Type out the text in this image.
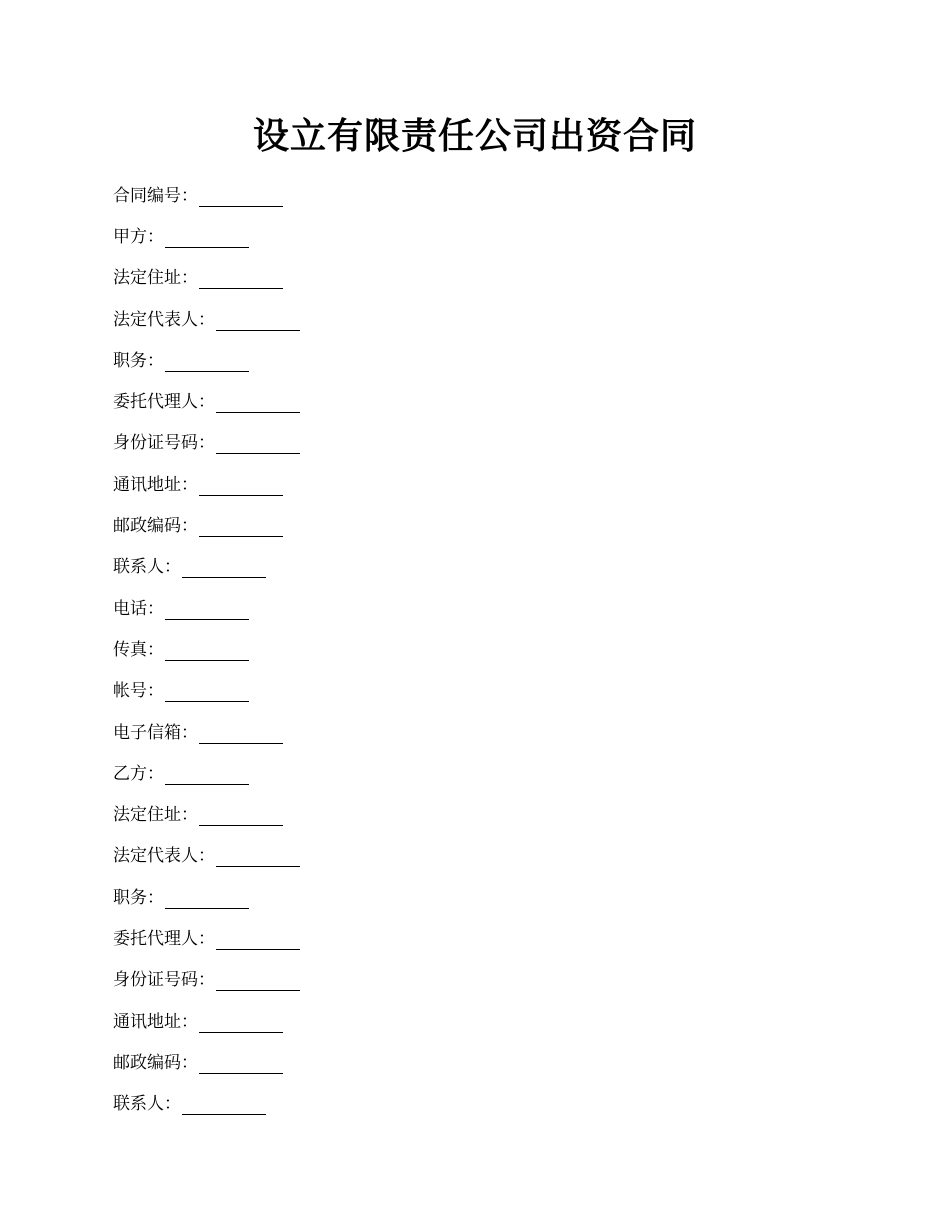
设立有限责任公司出资合同
合同编号：
甲方：
法定住址：
法定代表人：
职务：
委托代理人：
身份证号码：
通讯地址：
邮政编码：
联系人：
电话：
传真：
帐号：
电子信箱：
乙方：
法定住址：
法定代表人：
职务：
委托代理人：
身份证号码：
通讯地址：
邮政编码：
联系人：
